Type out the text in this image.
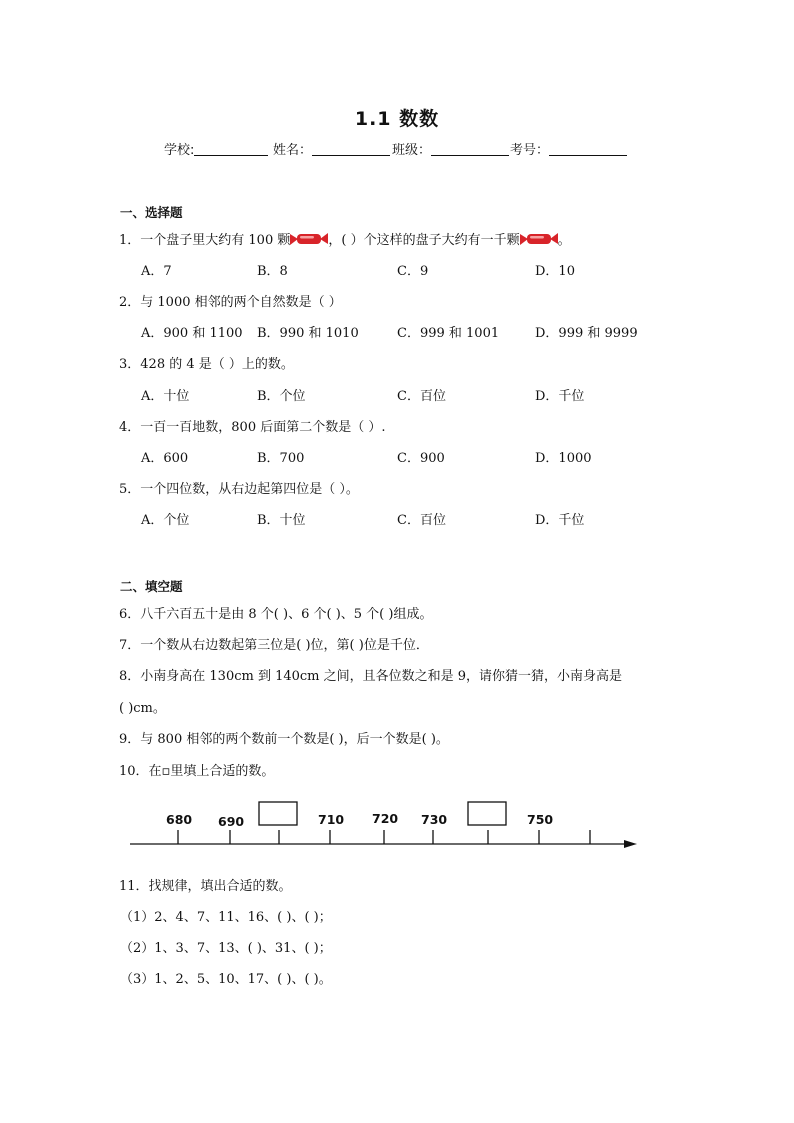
1.1 数数
学校:	姓名：	班级：	考号：
一、选择题
1．一个盘子里大约有 100 颗	，( ）个这样的盘子大约有一千颗	。
A．7	B．8	C．9	D．10
2．与 1000 相邻的两个自然数是（ ）
A．900 和 1100 B．990 和 1010	C．999 和 1001	D．999 和 9999
3．428 的 4 是（ ）上的数。
A．十位	B．个位	C．百位	D．千位
4．一百一百地数，800 后面第二个数是（ ）.
A．600	B．700	C．900	D．1000
5．一个四位数，从右边起第四位是（ ）。
A．个位	B．十位	C．百位	D．千位
二、填空题
6．八千六百五十是由 8 个( )、6 个( )、5 个( )组成。
7．一个数从右边数起第三位是( )位，第( )位是千位．
8．小南身高在 130cm 到 140cm 之间，且各位数之和是 9，请你猜一猜，小南身高是
( )cm。
9．与 800 相邻的两个数前一个数是( )，后一个数是( )。
10．在▫里填上合适的数。
680 690	710 720 730	750
11．找规律，填出合适的数。
（1）2、4、7、11、16、( )、( )；
（2）1、3、7、13、( )、31、( )；
（3）1、2、5、10、17、( )、( )。
